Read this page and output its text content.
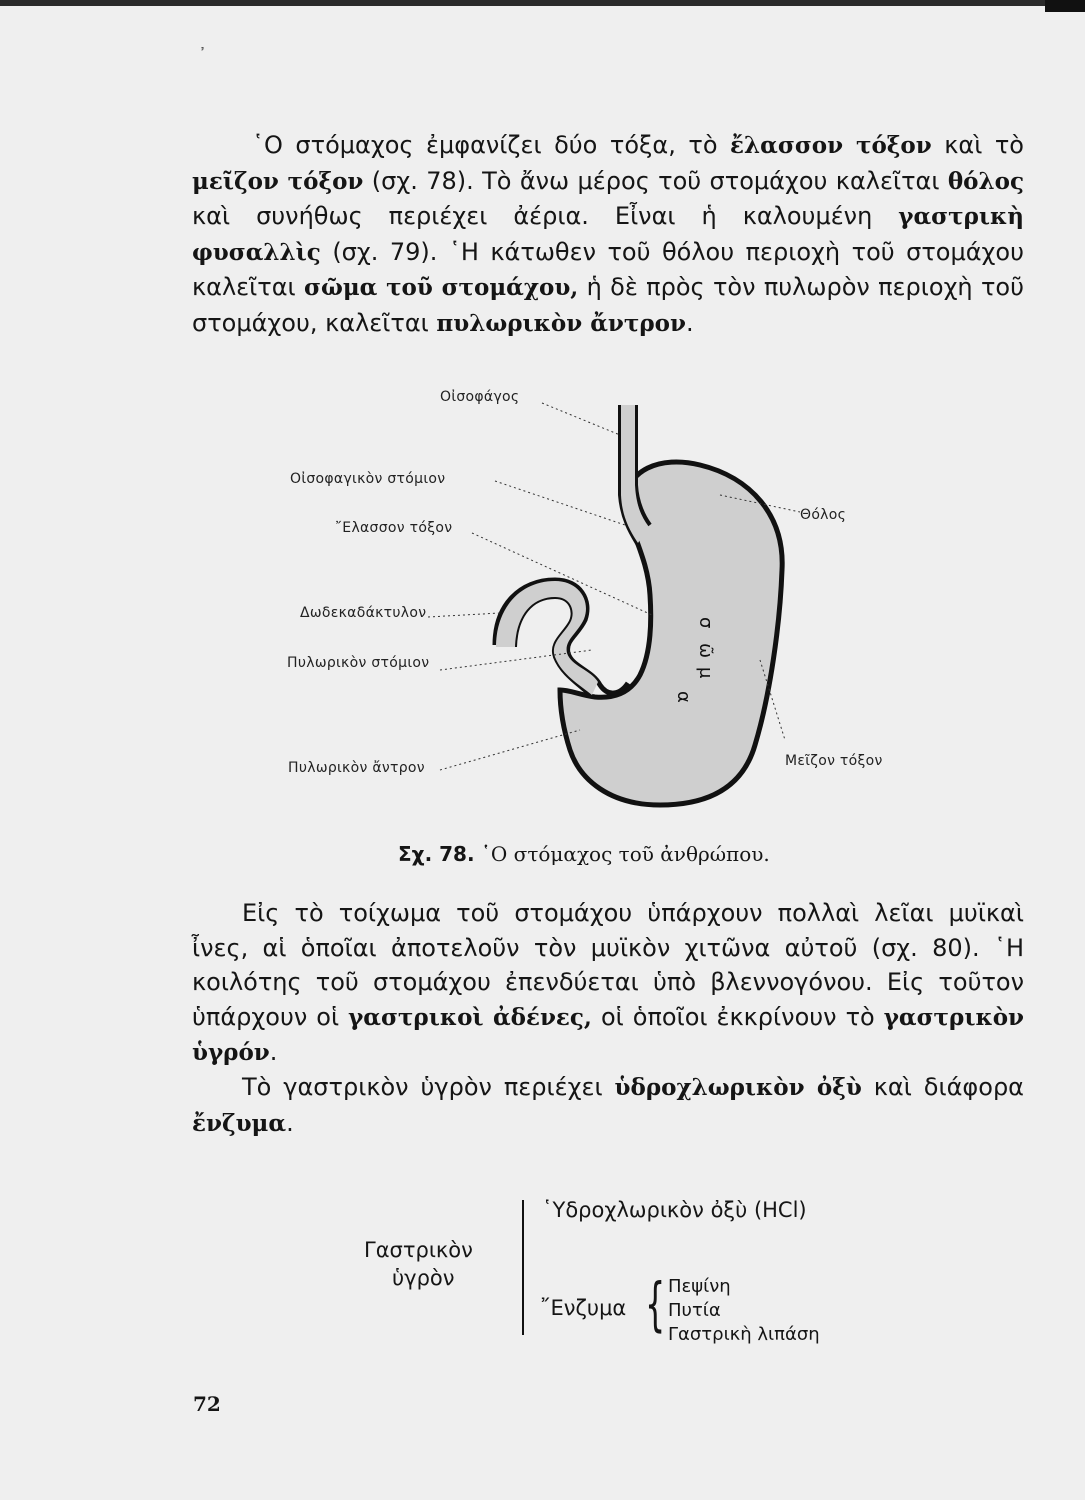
᾽

῾Ο στόμαχος ἐμφανίζει δύο τόξα, τὸ ἔλασσον τόξον καὶ τὸ μεῖζον τόξον (σχ. 78). Τὸ ἄνω μέρος τοῦ στομάχου καλεῖται θόλος καὶ συνήθως περιέχει ἀέρια. Εἶναι ἡ καλουμένη γαστρικὴ φυσαλλὶς (σχ. 79). ῾Η κάτωθεν τοῦ θόλου περιοχὴ τοῦ στομάχου καλεῖται σῶμα τοῦ στομάχου, ἡ δὲ πρὸς τὸν πυλωρὸν περιοχὴ τοῦ στομάχου, καλεῖται πυλωρικὸν ἄντρον.

σ
ῶ
μ
α
Οἰσοφάγος
Οἰσοφαγικὸν στόμιον
῎Ελασσον τόξον
Δωδεκαδάκτυλον
Πυλωρικὸν στόμιον
Πυλωρικὸν ἄντρον
Θόλος
Μεῖζον τόξον
Σχ. 78. ῾Ο στόμαχος τοῦ ἀνθρώπου.

Εἰς τὸ τοίχωμα τοῦ στομάχου ὑπάρχουν πολλαὶ λεῖαι μυϊκαὶ ἶνες, αἱ ὁποῖαι ἀποτελοῦν τὸν μυϊκὸν χιτῶνα αὐτοῦ (σχ. 80). ῾Η κοιλότης τοῦ στομάχου ἐπενδύεται ὑπὸ βλεννογόνου. Εἰς τοῦτον ὑπάρχουν οἱ γαστρικοὶ ἀδένες, οἱ ὁποῖοι ἐκκρίνουν τὸ γαστρικὸν ὑγρόν.

Τὸ γαστρικὸν ὑγρὸν περιέχει ὑδροχλωρικὸν ὀξὺ καὶ διάφορα ἔνζυμα.

Γαστρικὸν
ὑγρὸν
῾Υδροχλωρικὸν ὀξὺ (HCl)
῎Ενζυμα { Πεψίνη
Πυτία
Γαστρικὴ λιπάση
72
